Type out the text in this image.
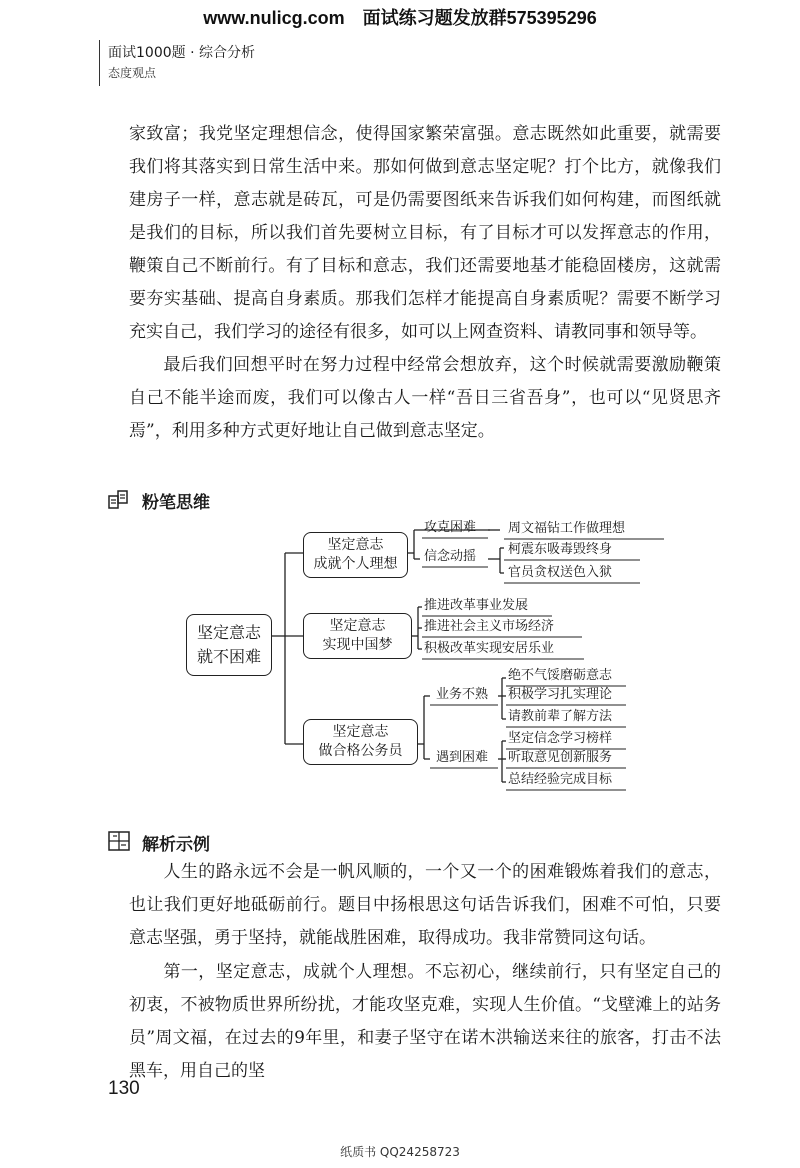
www.nulicg.com 面试练习题发放群575395296
面试1000题 · 综合分析
态度观点

家致富；我党坚定理想信念，使得国家繁荣富强。意志既然如此重要，就需要我们将其落实到日常生活中来。那如何做到意志坚定呢？打个比方，就像我们建房子一样，意志就是砖瓦，可是仍需要图纸来告诉我们如何构建，而图纸就是我们的目标，所以我们首先要树立目标，有了目标才可以发挥意志的作用，鞭策自己不断前行。有了目标和意志，我们还需要地基才能稳固楼房，这就需要夯实基础、提高自身素质。那我们怎样才能提高自身素质呢？需要不断学习充实自己，我们学习的途径有很多，如可以上网查资料、请教同事和领导等。

最后我们回想平时在努力过程中经常会想放弃，这个时候就需要激励鞭策自己不能半途而废，我们可以像古人一样“吾日三省吾身”，也可以“见贤思齐焉”，利用多种方式更好地让自己做到意志坚定。

粉笔思维
坚定意志
就不困难
坚定意志
成就个人理想
坚定意志
实现中国梦
坚定意志
做合格公务员
攻克困难
信念动摇
周文福钻工作做理想
柯震东吸毒毁终身
官员贪权送色入狱
推进改革事业发展
推进社会主义市场经济
积极改革实现安居乐业
业务不熟
遇到困难
绝不气馁磨砺意志
积极学习扎实理论
请教前辈了解方法
坚定信念学习榜样
听取意见创新服务
总结经验完成目标
解析示例

人生的路永远不会是一帆风顺的，一个又一个的困难锻炼着我们的意志，也让我们更好地砥砺前行。题目中扬根思这句话告诉我们，困难不可怕，只要意志坚强，勇于坚持，就能战胜困难，取得成功。我非常赞同这句话。

第一，坚定意志，成就个人理想。不忘初心，继续前行，只有坚定自己的初衷，不被物质世界所纷扰，才能攻坚克难，实现人生价值。“戈壁滩上的站务员”周文福，在过去的9年里，和妻子坚守在诺木洪输送来往的旅客，打击不法黑车，用自己的坚

130
纸质书 QQ24258723
